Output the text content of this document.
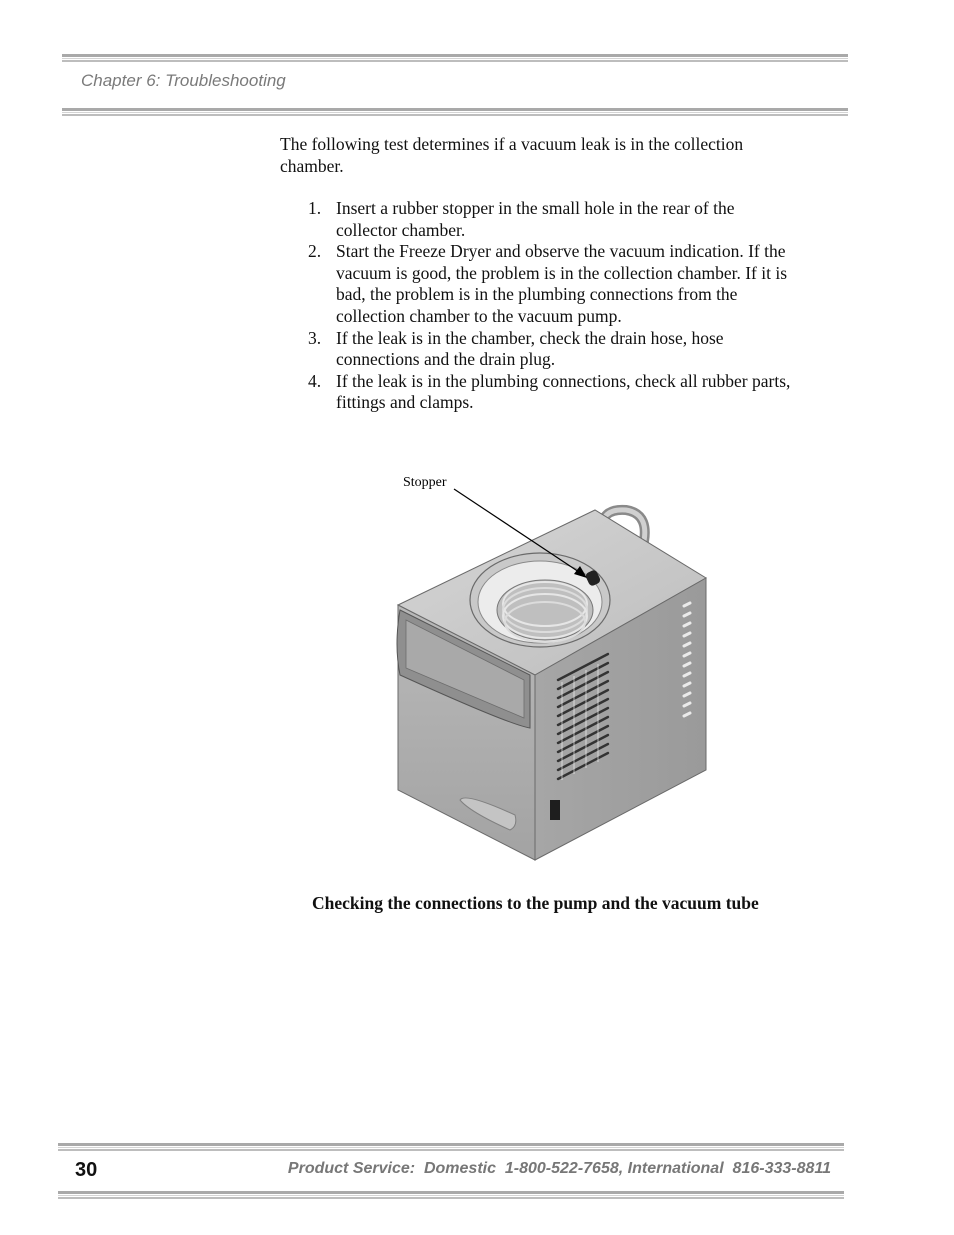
Chapter 6: Troubleshooting
The following test determines if a vacuum leak is in the collection chamber.
1. Insert a rubber stopper in the small hole in the rear of the collector chamber.
2. Start the Freeze Dryer and observe the vacuum indication. If the vacuum is good, the problem is in the collection chamber. If it is bad, the problem is in the plumbing connections from the collection chamber to the vacuum pump.
3. If the leak is in the chamber, check the drain hose, hose connections and the drain plug.
4. If the leak is in the plumbing connections, check all rubber parts, fittings and clamps.
Stopper
Checking the connections to the pump and the vacuum tube
30	Product Service:  Domestic  1-800-522-7658, International  816-333-8811
